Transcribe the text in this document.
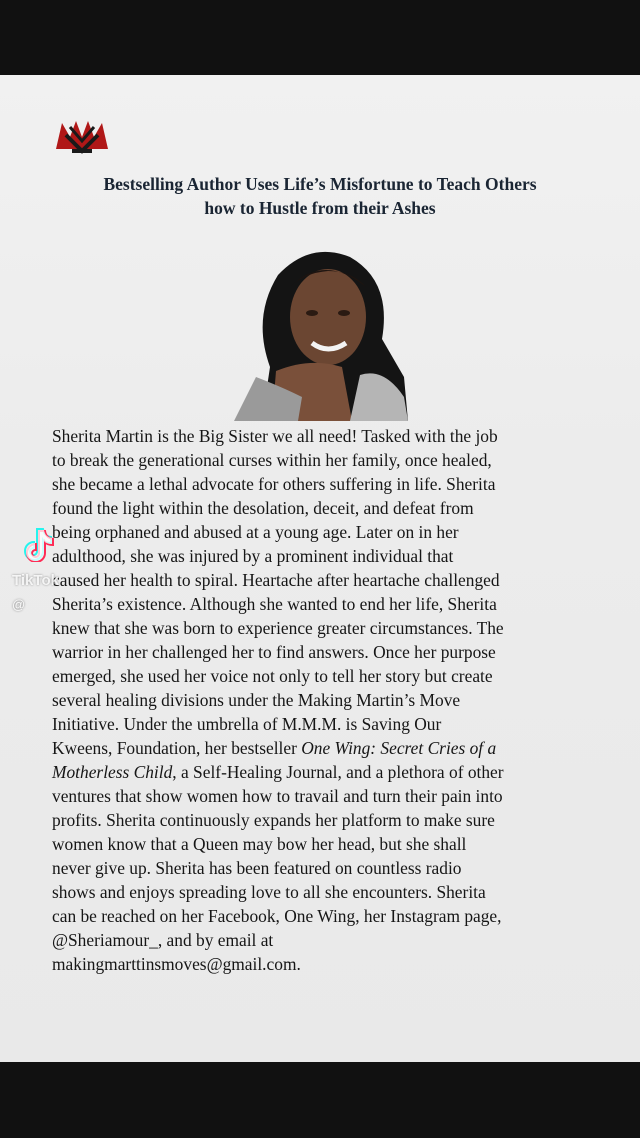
Bestselling Author Uses Life’s Misfortune to Teach Others
how to Hustle from their Ashes
Sherita Martin is the Big Sister we all need! Tasked with the job
to break the generational curses within her family, once healed,
she became a lethal advocate for others suffering in life. Sherita
found the light within the desolation, deceit, and defeat from
being orphaned and abused at a young age. Later on in her
adulthood, she was injured by a prominent individual that
caused her health to spiral. Heartache after heartache challenged
Sherita’s existence. Although she wanted to end her life, Sherita
knew that she was born to experience greater circumstances. The
warrior in her challenged her to find answers. Once her purpose
emerged, she used her voice not only to tell her story but create
several healing divisions under the Making Martin’s Move
Initiative. Under the umbrella of M.M.M. is Saving Our
Kweens, Foundation, her bestseller One Wing: Secret Cries of a
Motherless Child, a Self-Healing Journal, and a plethora of other
ventures that show women how to travail and turn their pain into
profits. Sherita continuously expands her platform to make sure
women know that a Queen may bow her head, but she shall
never give up. Sherita has been featured on countless radio
shows and enjoys spreading love to all she encounters. Sherita
can be reached on her Facebook, One Wing, her Instagram page,
@Sheriamour_, and by email at
makingmarttinsmoves@gmail.com.
TikTok
@
